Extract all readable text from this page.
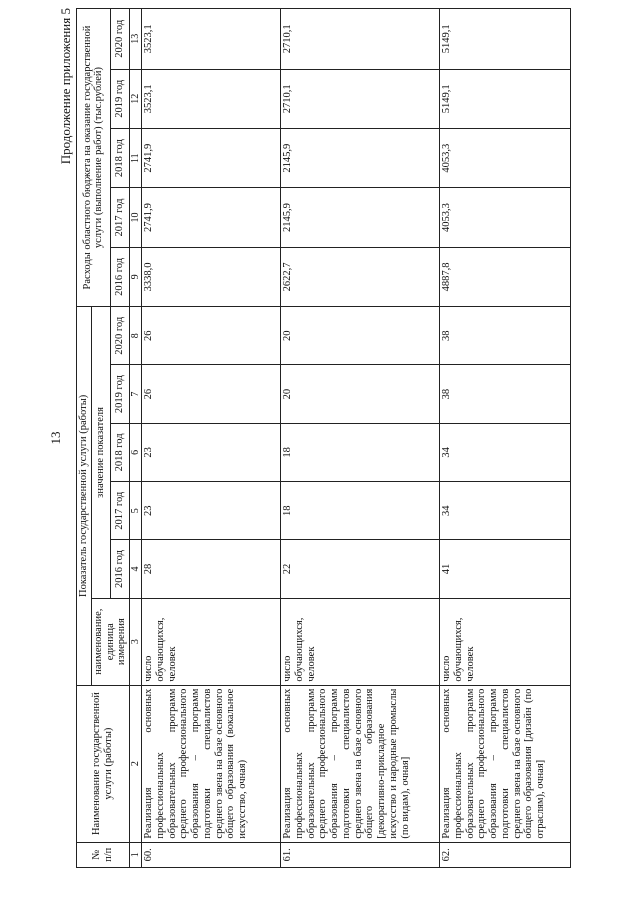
13
Продолжение приложения 5
№ п/п	Наименование государственной услуги (работы)	Показатель государственной услуги (работы)						Расходы областного бюджета на оказание государственной услуги (выполнение работ) (тыс.рублей)				
		наименование, единица измерения	значение показателя									
			2016 год	2017 год	2018 год	2019 год	2020 год	2016 год	2017 год	2018 год	2019 год	2020 год
1	2	3	4	5	6	7	8	9	10	11	12	13
60.	Реализация основных профессиональных образовательных программ среднего профессионального образования – программ подготовки специалистов среднего звена на базе основного общего образования (вокальное искусство, очная)	число обучающихся, человек	28	23	23	26	26	3338,0	2741,9	2741,9	3523,1	3523,1
61.	Реализация основных профессиональных образовательных программ среднего профессионального образования – программ подготовки специалистов среднего звена на базе основного общего образования [декоративно-прикладное искусство и народные промыслы (по видам), очная]	число обучающихся, человек	22	18	18	20	20	2622,7	2145,9	2145,9	2710,1	2710,1
62.	Реализация основных профессиональных образовательных программ среднего профессионального образования – программ подготовки специалистов среднего звена на базе основного общего образования [дизайн (по отраслям), очная]	число обучающихся, человек	41	34	34	38	38	4887,8	4053,3	4053,3	5149,1	5149,1
